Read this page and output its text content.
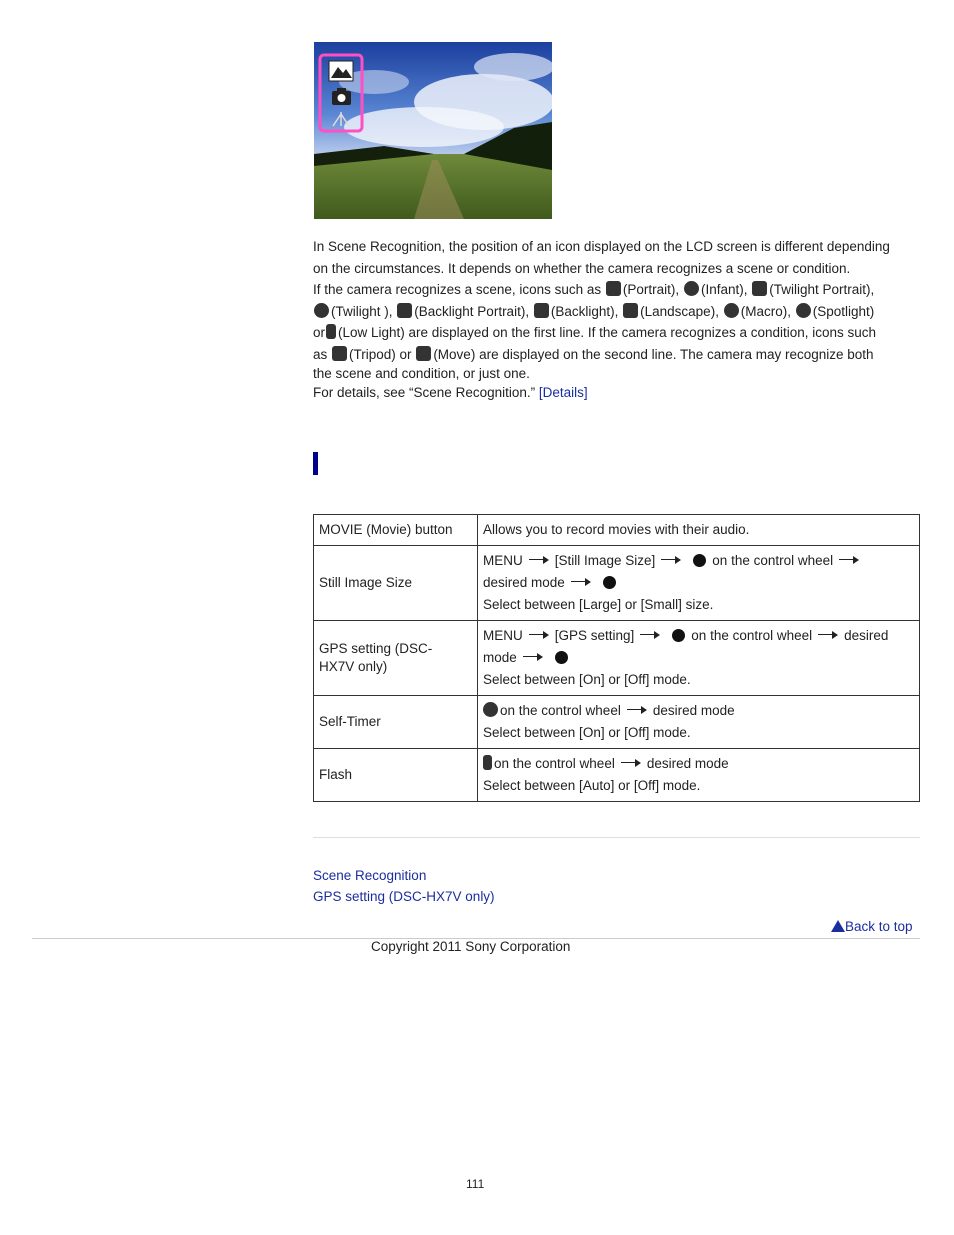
In Scene Recognition, the position of an icon displayed on the LCD screen is different depending
on the circumstances. It depends on whether the camera recognizes a scene or condition.
If the camera recognizes a scene, icons such as (Portrait), (Infant), (Twilight Portrait),
(Twilight ), (Backlight Portrait), (Backlight), (Landscape), (Macro), (Spotlight)
or (Low Light) are displayed on the first line. If the camera recognizes a condition, icons such
as (Tripod) or (Move) are displayed on the second line. The camera may recognize both
the scene and condition, or just one.
For details, see “Scene Recognition.” [Details]
MOVIE (Movie) button	Allows you to record movies with their audio.
Still Image Size	MENU [Still Image Size] on the control wheel
desired mode
Select between [Large] or [Small] size.

GPS setting (DSC-HX7V only)	MENU [GPS setting] on the control wheel desired
mode
Select between [On] or [Off] mode.

Self-Timer	on the control wheel desired mode
Select between [On] or [Off] mode.

Flash	on the control wheel desired mode
Select between [Auto] or [Off] mode.
Scene Recognition
GPS setting (DSC-HX7V only)
Back to top
Copyright 2011 Sony Corporation
111
